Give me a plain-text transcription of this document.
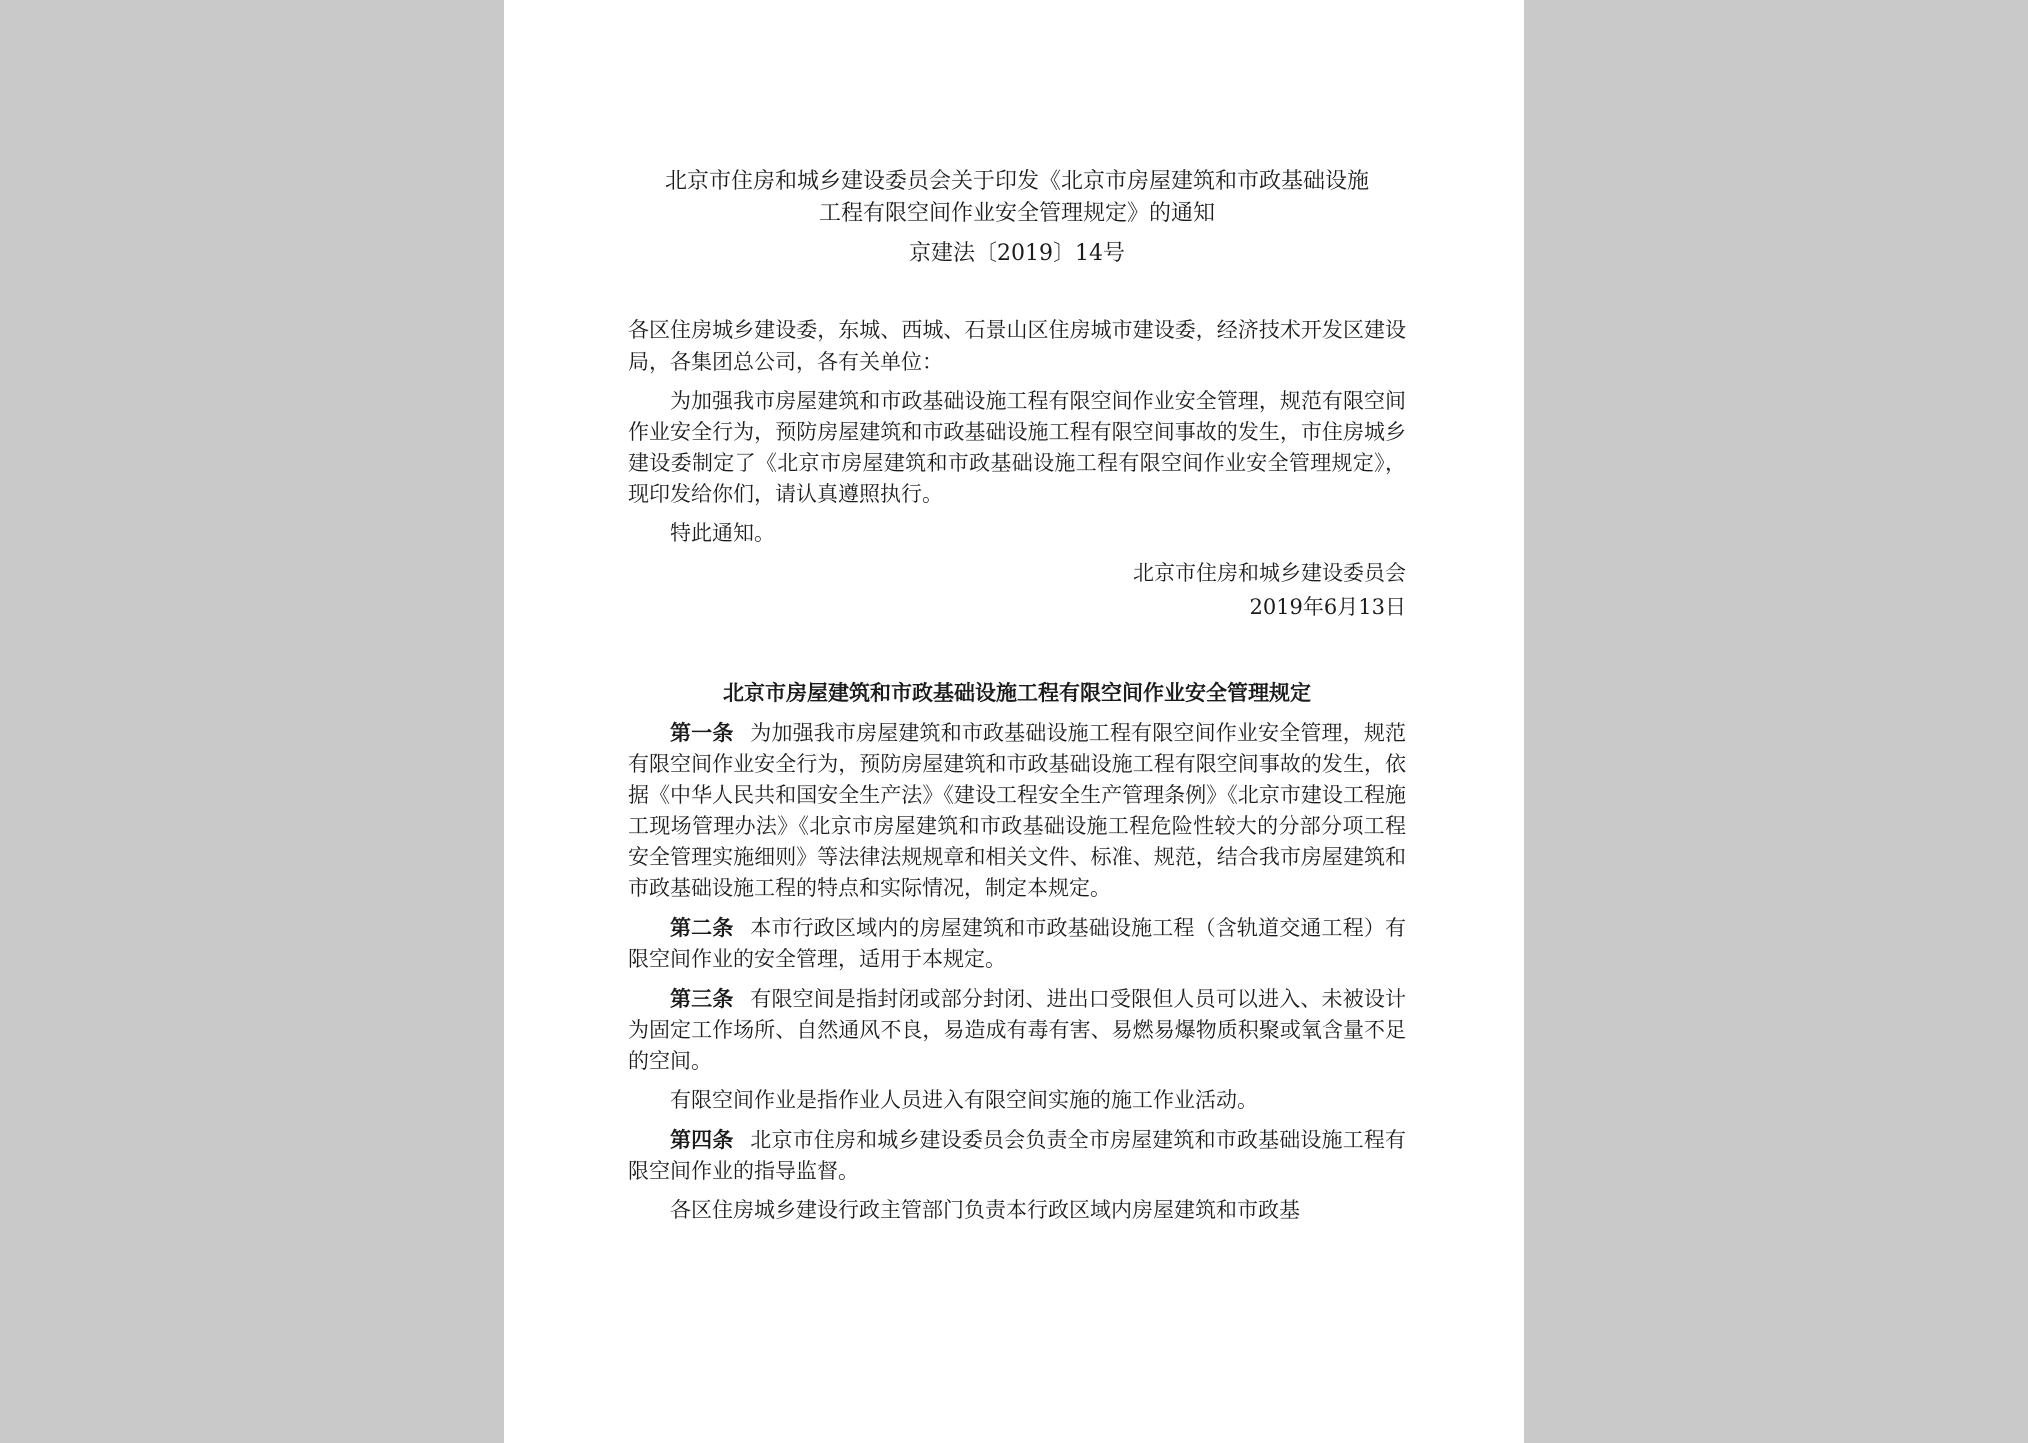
北京市住房和城乡建设委员会关于印发《北京市房屋建筑和市政基础设施
工程有限空间作业安全管理规定》的通知

京建法〔2019〕14号
各区住房城乡建设委，东城、西城、石景山区住房城市建设委，经济技术开发区建设局，各集团总公司，各有关单位：

为加强我市房屋建筑和市政基础设施工程有限空间作业安全管理，规范有限空间作业安全行为，预防房屋建筑和市政基础设施工程有限空间事故的发生，市住房城乡建设委制定了《北京市房屋建筑和市政基础设施工程有限空间作业安全管理规定》，现印发给你们，请认真遵照执行。

特此通知。

北京市住房和城乡建设委员会
2019年6月13日
北京市房屋建筑和市政基础设施工程有限空间作业安全管理规定

第一条 为加强我市房屋建筑和市政基础设施工程有限空间作业安全管理，规范有限空间作业安全行为，预防房屋建筑和市政基础设施工程有限空间事故的发生，依据《中华人民共和国安全生产法》《建设工程安全生产管理条例》《北京市建设工程施工现场管理办法》《北京市房屋建筑和市政基础设施工程危险性较大的分部分项工程安全管理实施细则》等法律法规规章和相关文件、标准、规范，结合我市房屋建筑和市政基础设施工程的特点和实际情况，制定本规定。

第二条 本市行政区域内的房屋建筑和市政基础设施工程（含轨道交通工程）有限空间作业的安全管理，适用于本规定。

第三条 有限空间是指封闭或部分封闭、进出口受限但人员可以进入、未被设计为固定工作场所、自然通风不良，易造成有毒有害、易燃易爆物质积聚或氧含量不足的空间。

有限空间作业是指作业人员进入有限空间实施的施工作业活动。

第四条 北京市住房和城乡建设委员会负责全市房屋建筑和市政基础设施工程有限空间作业的指导监督。

各区住房城乡建设行政主管部门负责本行政区域内房屋建筑和市政基
